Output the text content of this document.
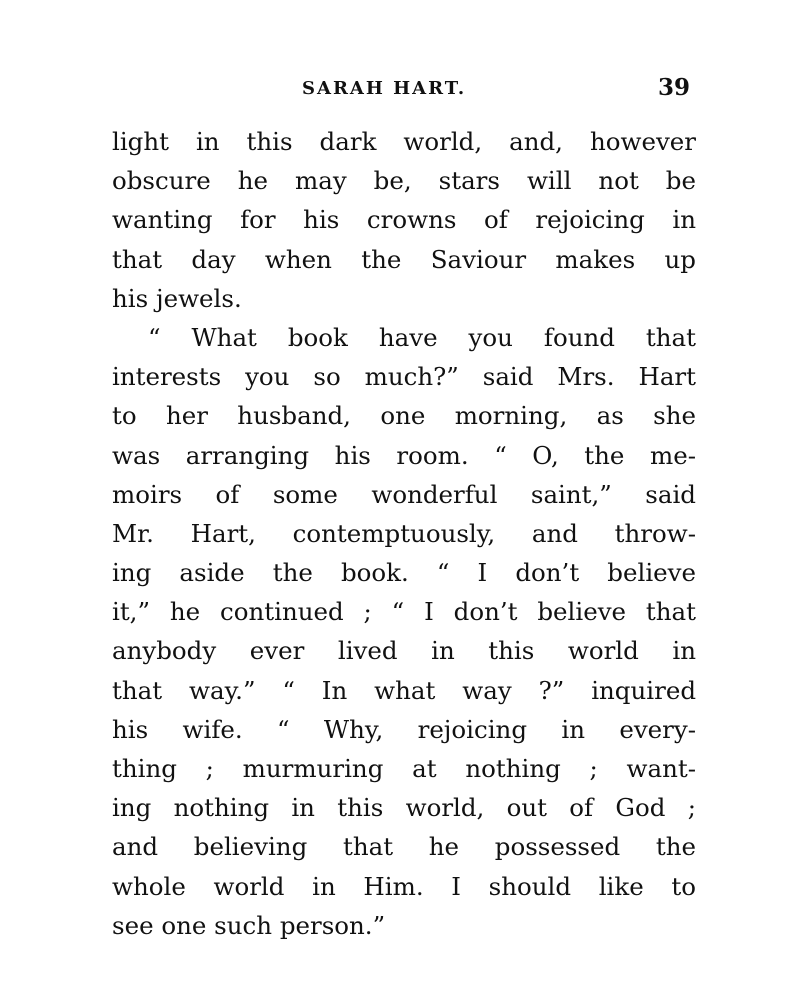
SARAH HART.	39
light in this dark world, and, however
obscure he may be, stars will not be
wanting for his crowns of rejoicing in
that day when the Saviour makes up
his jewels.
“ What book have you found that
interests you so much?” said Mrs. Hart
to her husband, one morning, as she
was arranging his room. “ O, the me-
moirs of some wonderful saint,” said
Mr. Hart, contemptuously, and throw-
ing aside the book. “ I don’t believe
it,” he continued ; “ I don’t believe that
anybody ever lived in this world in
that way.” “ In what way ?” inquired
his wife. “ Why, rejoicing in every-
thing ; murmuring at nothing ; want-
ing nothing in this world, out of God ;
and believing that he possessed the
whole world in Him. I should like to
see one such person.”
